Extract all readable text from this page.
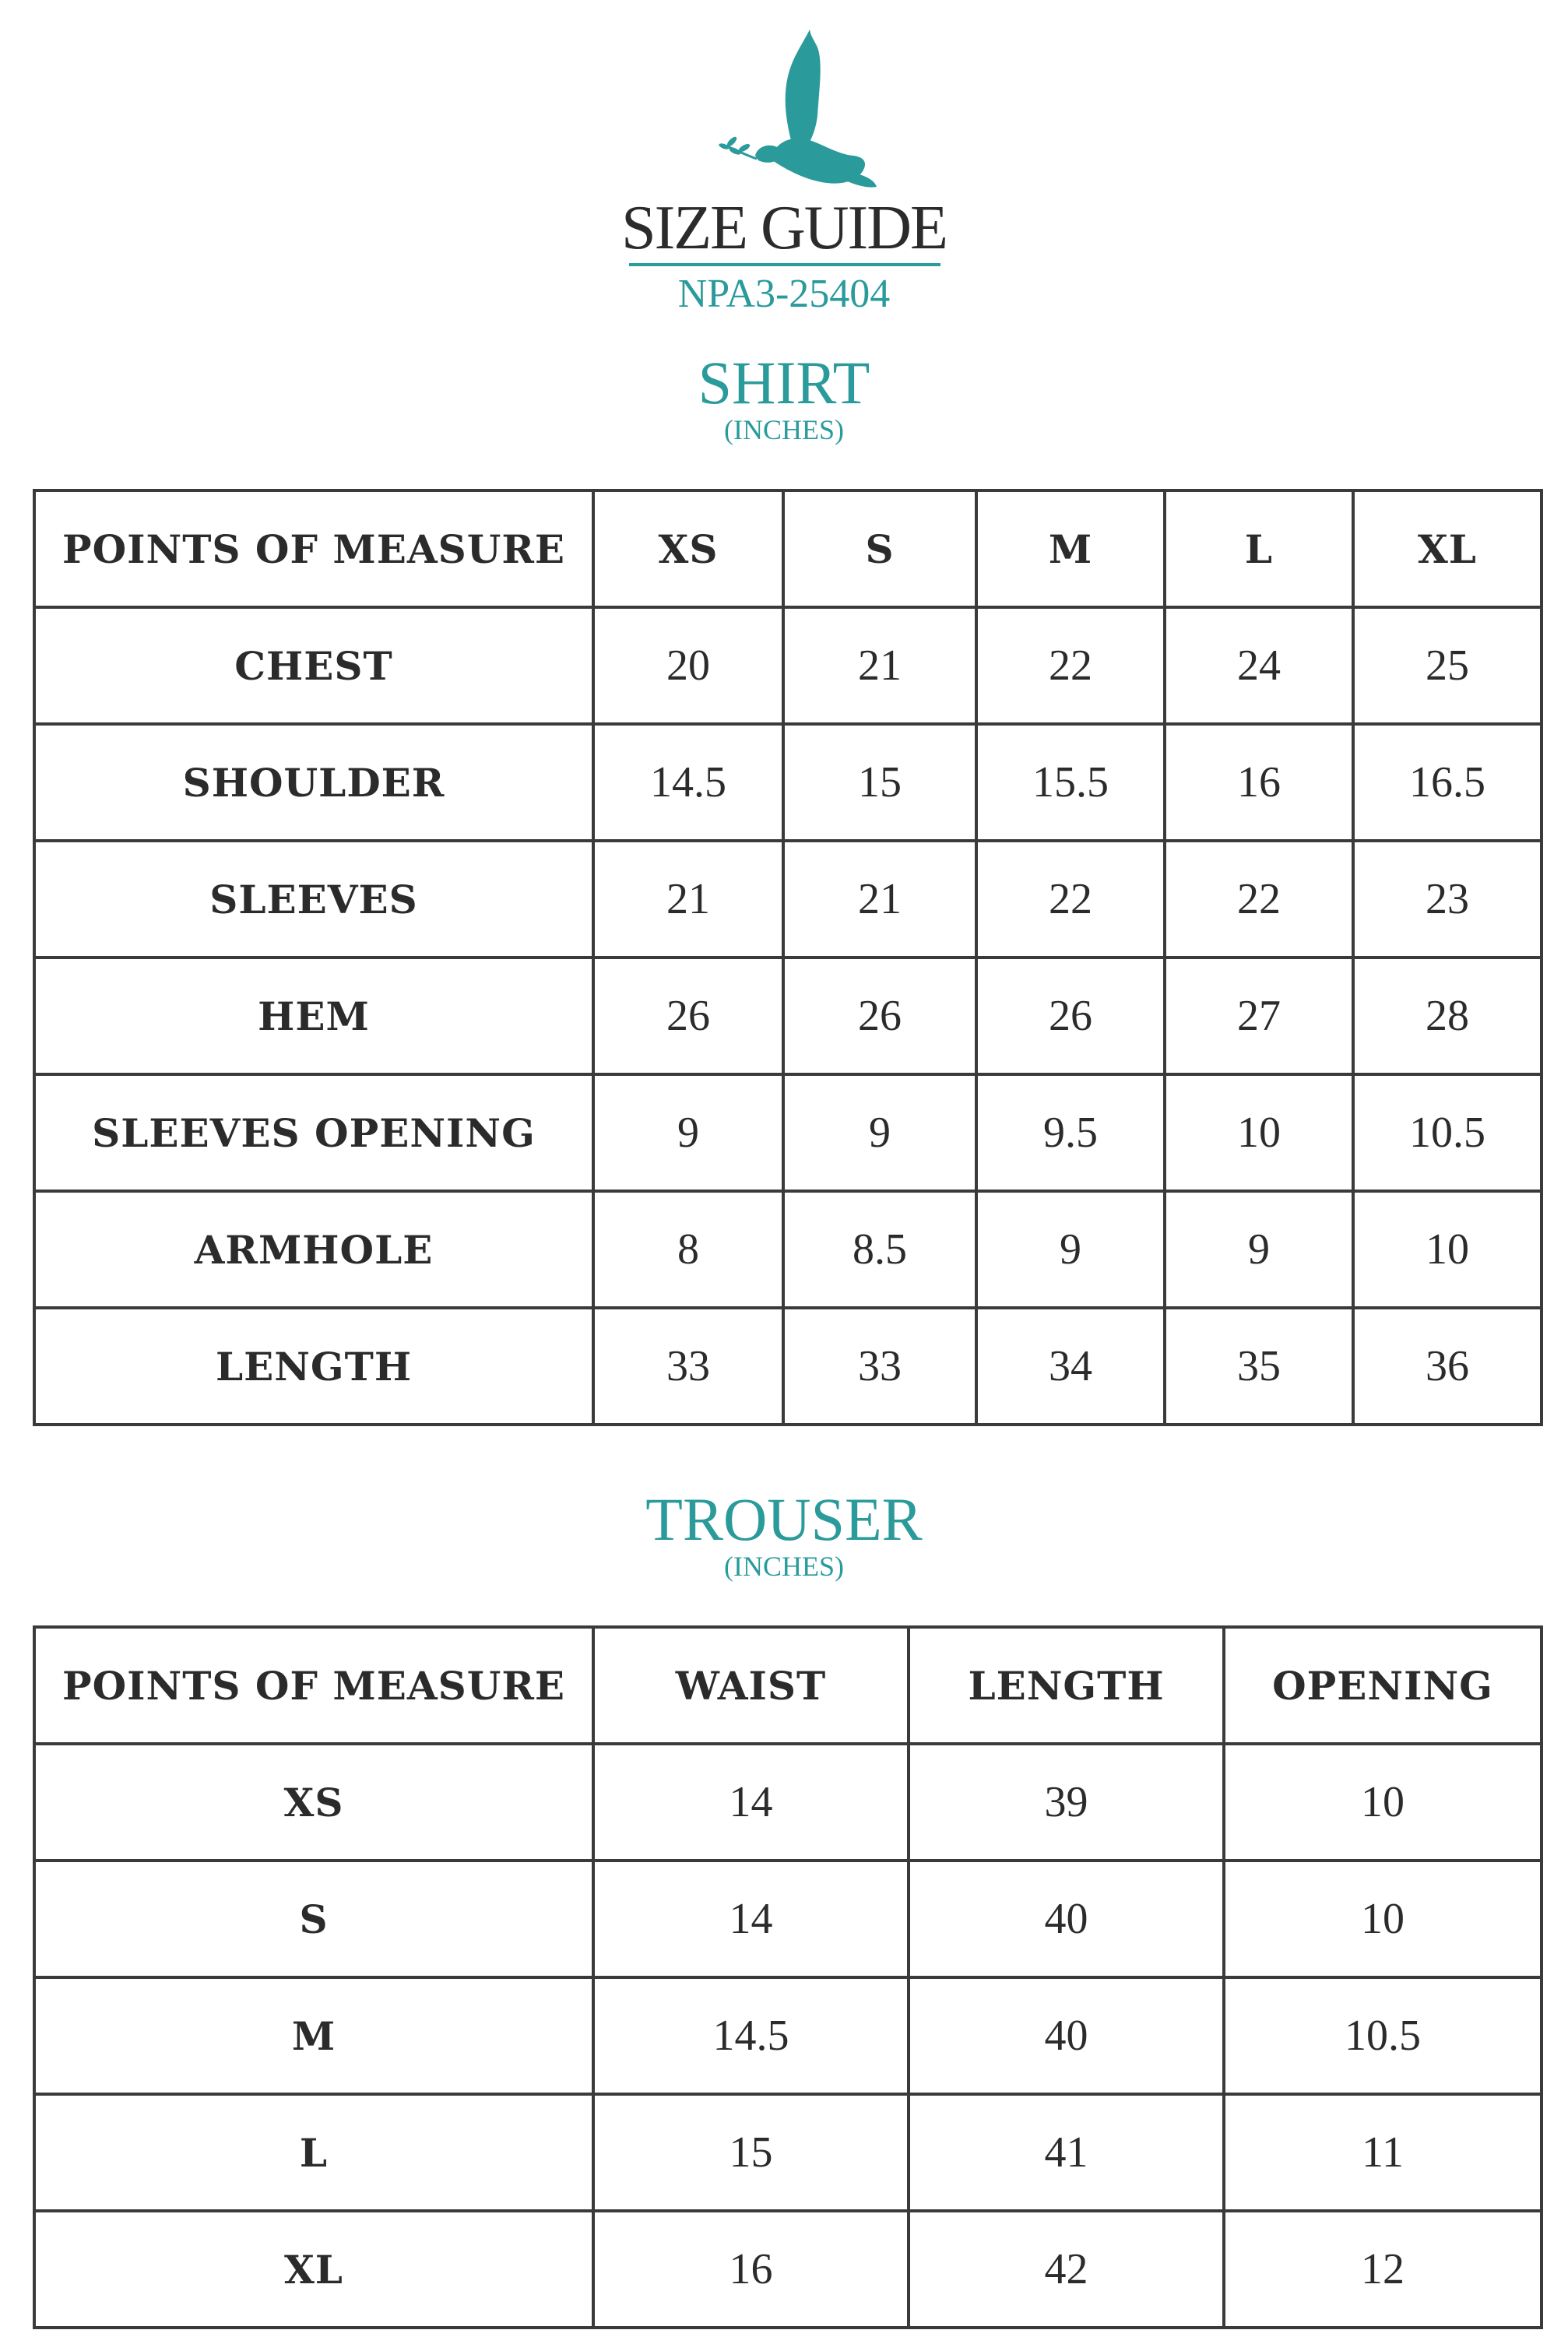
SIZE GUIDE
NPA3-25404
SHIRT
(INCHES)
POINTS OF MEASURE	XS	S	M	L	XL
CHEST	20	21	22	24	25
SHOULDER	14.5	15	15.5	16	16.5
SLEEVES	21	21	22	22	23
HEM	26	26	26	27	28
SLEEVES OPENING	9	9	9.5	10	10.5
ARMHOLE	8	8.5	9	9	10
LENGTH	33	33	34	35	36
TROUSER
(INCHES)
POINTS OF MEASURE	WAIST	LENGTH	OPENING
XS	14	39	10
S	14	40	10
M	14.5	40	10.5
L	15	41	11
XL	16	42	12
